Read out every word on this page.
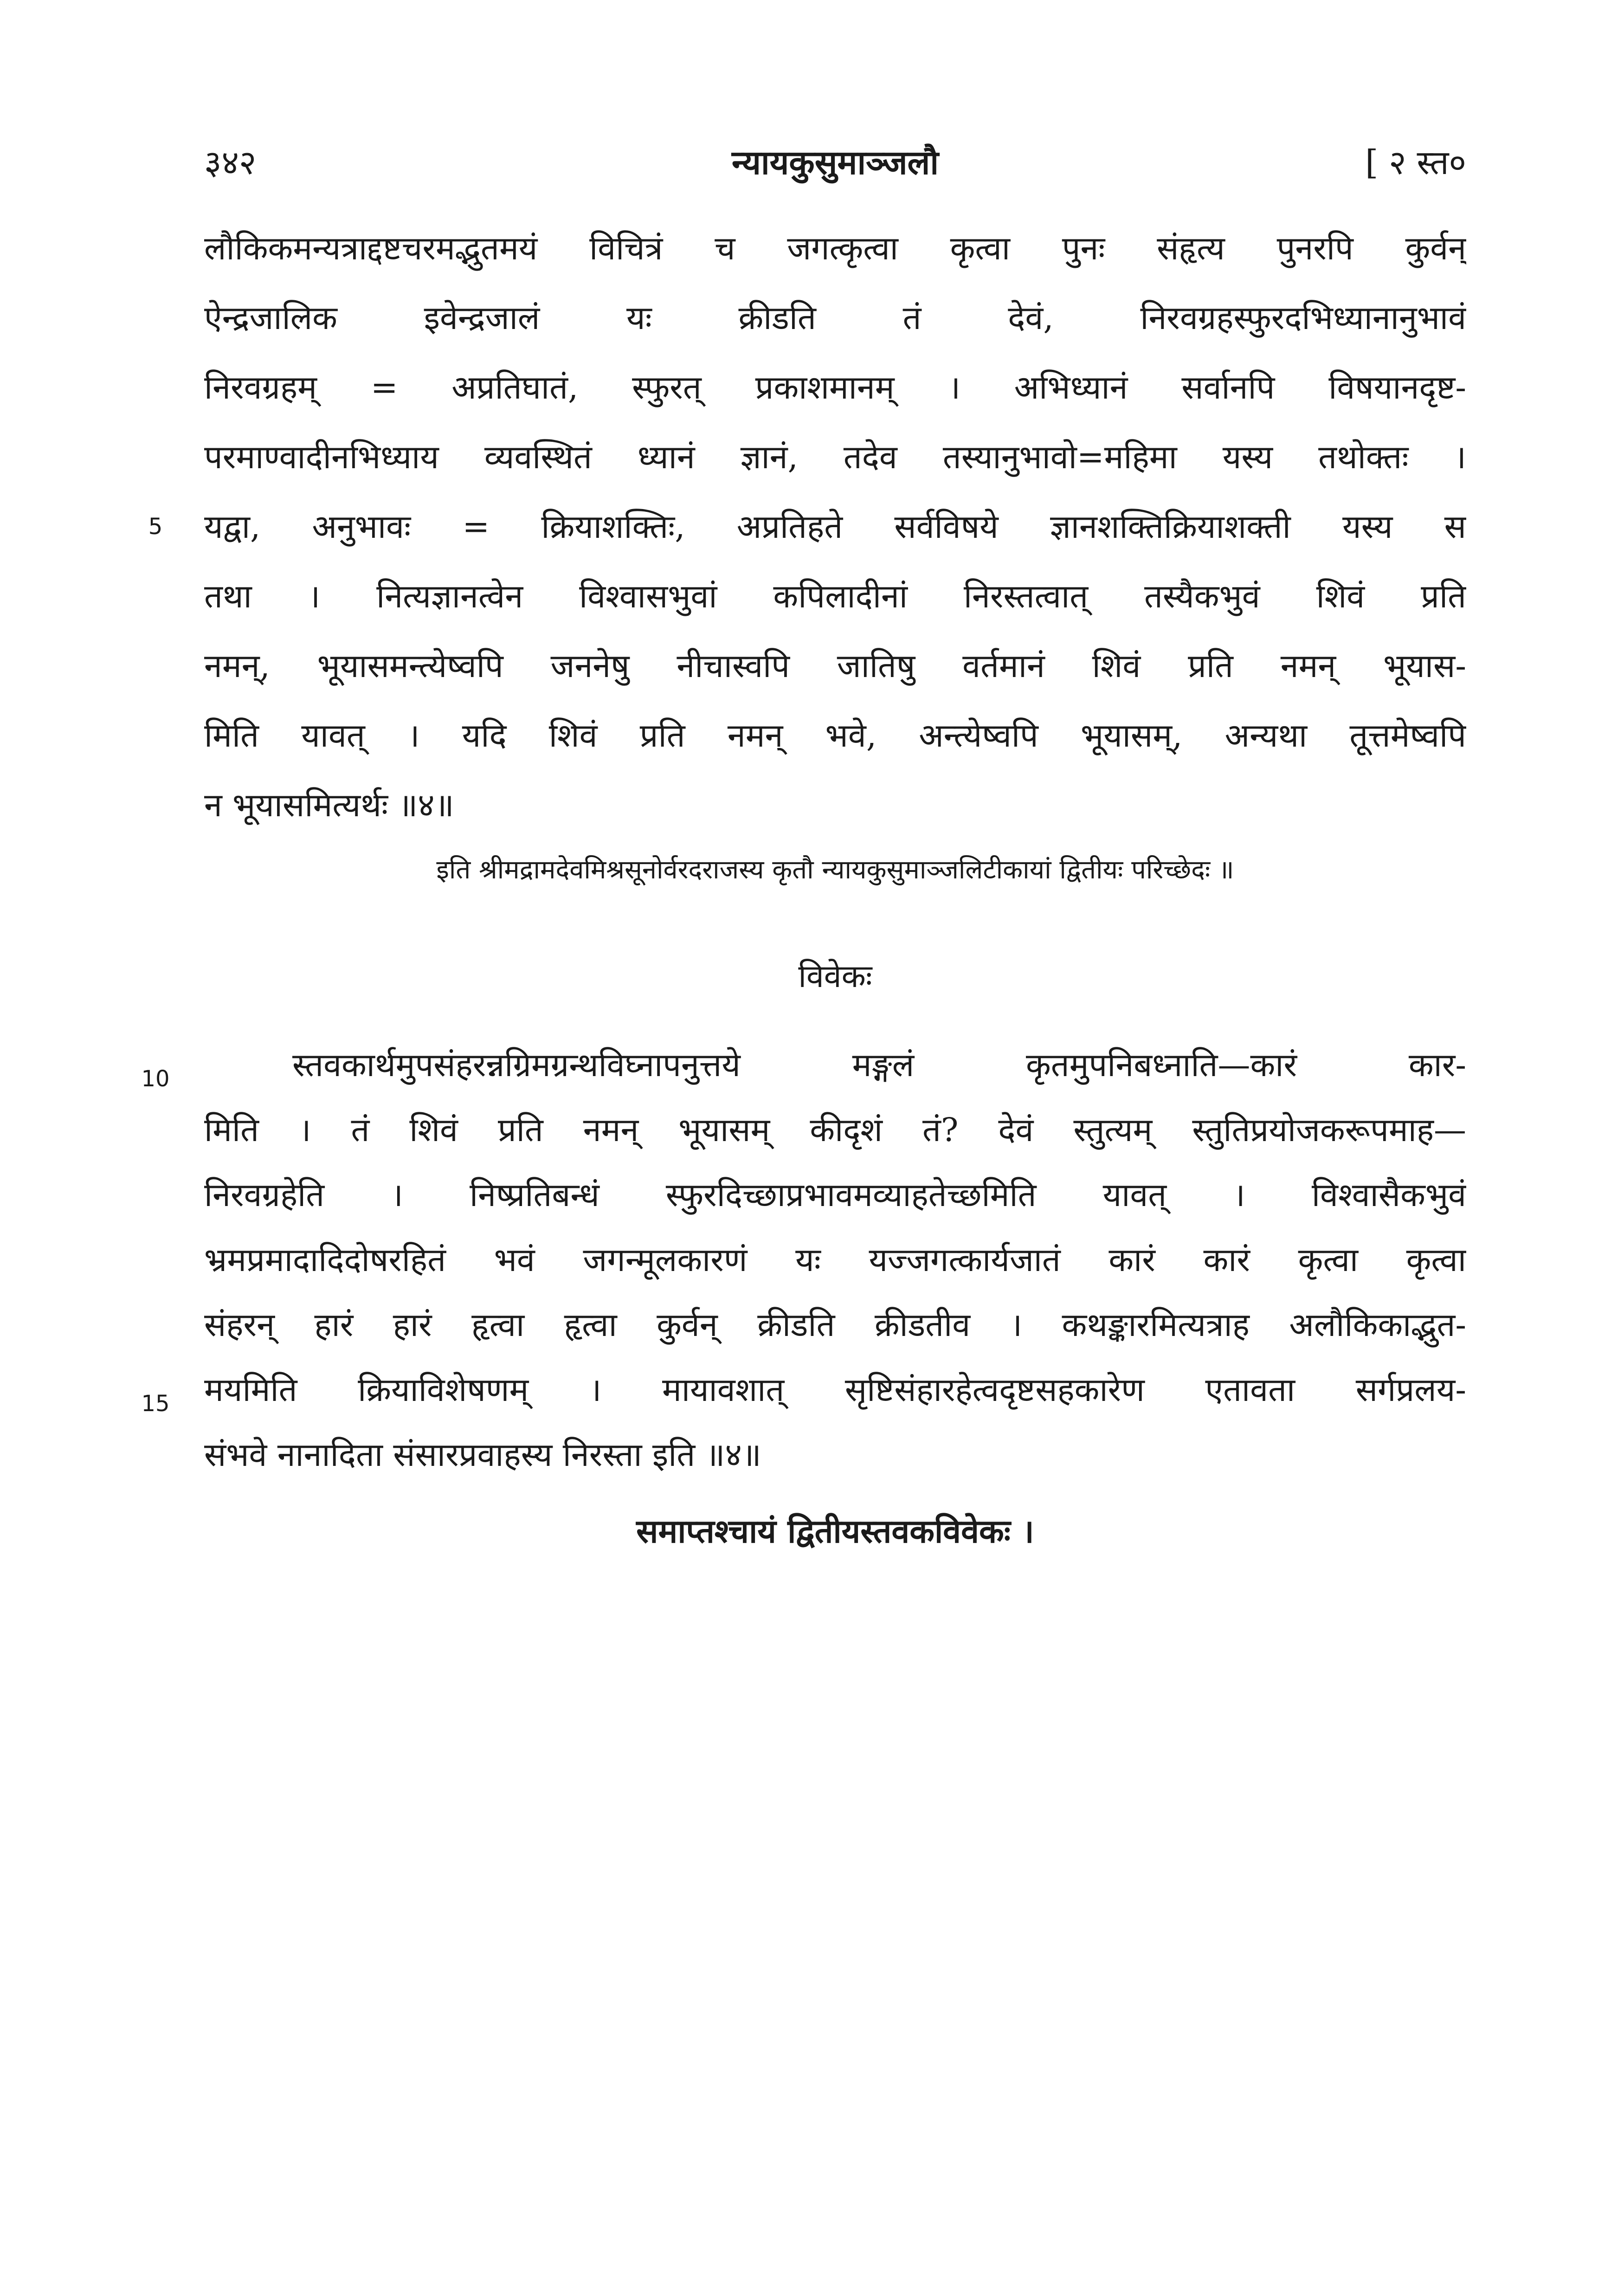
३४२	न्यायकुसुमाञ्जलौ	[ २ स्त०
लौकिकमन्यत्राद्दष्टचरमद्भुतमयं विचित्रं च जगत्कृत्वा कृत्वा पुनः संहृत्य पुनरपि कुर्वन्
ऐन्द्रजालिक इवेन्द्रजालं यः क्रीडति तं देवं, निरवग्रहस्फुरदभिध्यानानुभावं
निरवग्रहम् = अप्रतिघातं, स्फुरत् प्रकाशमानम् । अभिध्यानं सर्वानपि विषयानदृष्ट-
परमाण्वादीनभिध्याय व्यवस्थितं ध्यानं ज्ञानं, तदेव तस्यानुभावो=महिमा यस्य तथोक्तः ।
यद्वा, अनुभावः = क्रियाशक्तिः, अप्रतिहते सर्वविषये ज्ञानशक्तिक्रियाशक्ती यस्य स
तथा । नित्यज्ञानत्वेन विश्वासभुवां कपिलादीनां निरस्तत्वात् तस्यैकभुवं शिवं प्रति
नमन्, भूयासमन्त्येष्वपि जननेषु नीचास्वपि जातिषु वर्तमानं शिवं प्रति नमन् भूयास-
मिति यावत् । यदि शिवं प्रति नमन् भवे, अन्त्येष्वपि भूयासम्, अन्यथा तूत्तमेष्वपि
न भूयासमित्यर्थः ॥४॥
5
इति श्रीमद्रामदेवमिश्रसूनोर्वरदराजस्य कृतौ न्यायकुसुमाञ्जलिटीकायां द्वितीयः परिच्छेदः ॥
विवेकः
स्तवकार्थमुपसंहरन्नग्रिमग्रन्थविघ्नापनुत्तये मङ्गलं कृतमुपनिबध्नाति—कारं कार-
मिति । तं शिवं प्रति नमन् भूयासम् कीदृशं तं? देवं स्तुत्यम् स्तुतिप्रयोजकरूपमाह—
निरवग्रहेति । निष्प्रतिबन्धं स्फुरदिच्छाप्रभावमव्याहतेच्छमिति यावत् । विश्वासैकभुवं
भ्रमप्रमादादिदोषरहितं भवं जगन्मूलकारणं यः यज्जगत्कार्यजातं कारं कारं कृत्वा कृत्वा
संहरन् हारं हारं हृत्वा हृत्वा कुर्वन् क्रीडति क्रीडतीव । कथङ्कारमित्यत्राह अलौकिकाद्भुत-
मयमिति क्रियाविशेषणम् । मायावशात् सृष्टिसंहारहेत्वदृष्टसहकारेण एतावता सर्गप्रलय-
संभवे नानादिता संसारप्रवाहस्य निरस्ता इति ॥४॥
10
15
समाप्तश्चायं द्वितीयस्तवकविवेकः ।
